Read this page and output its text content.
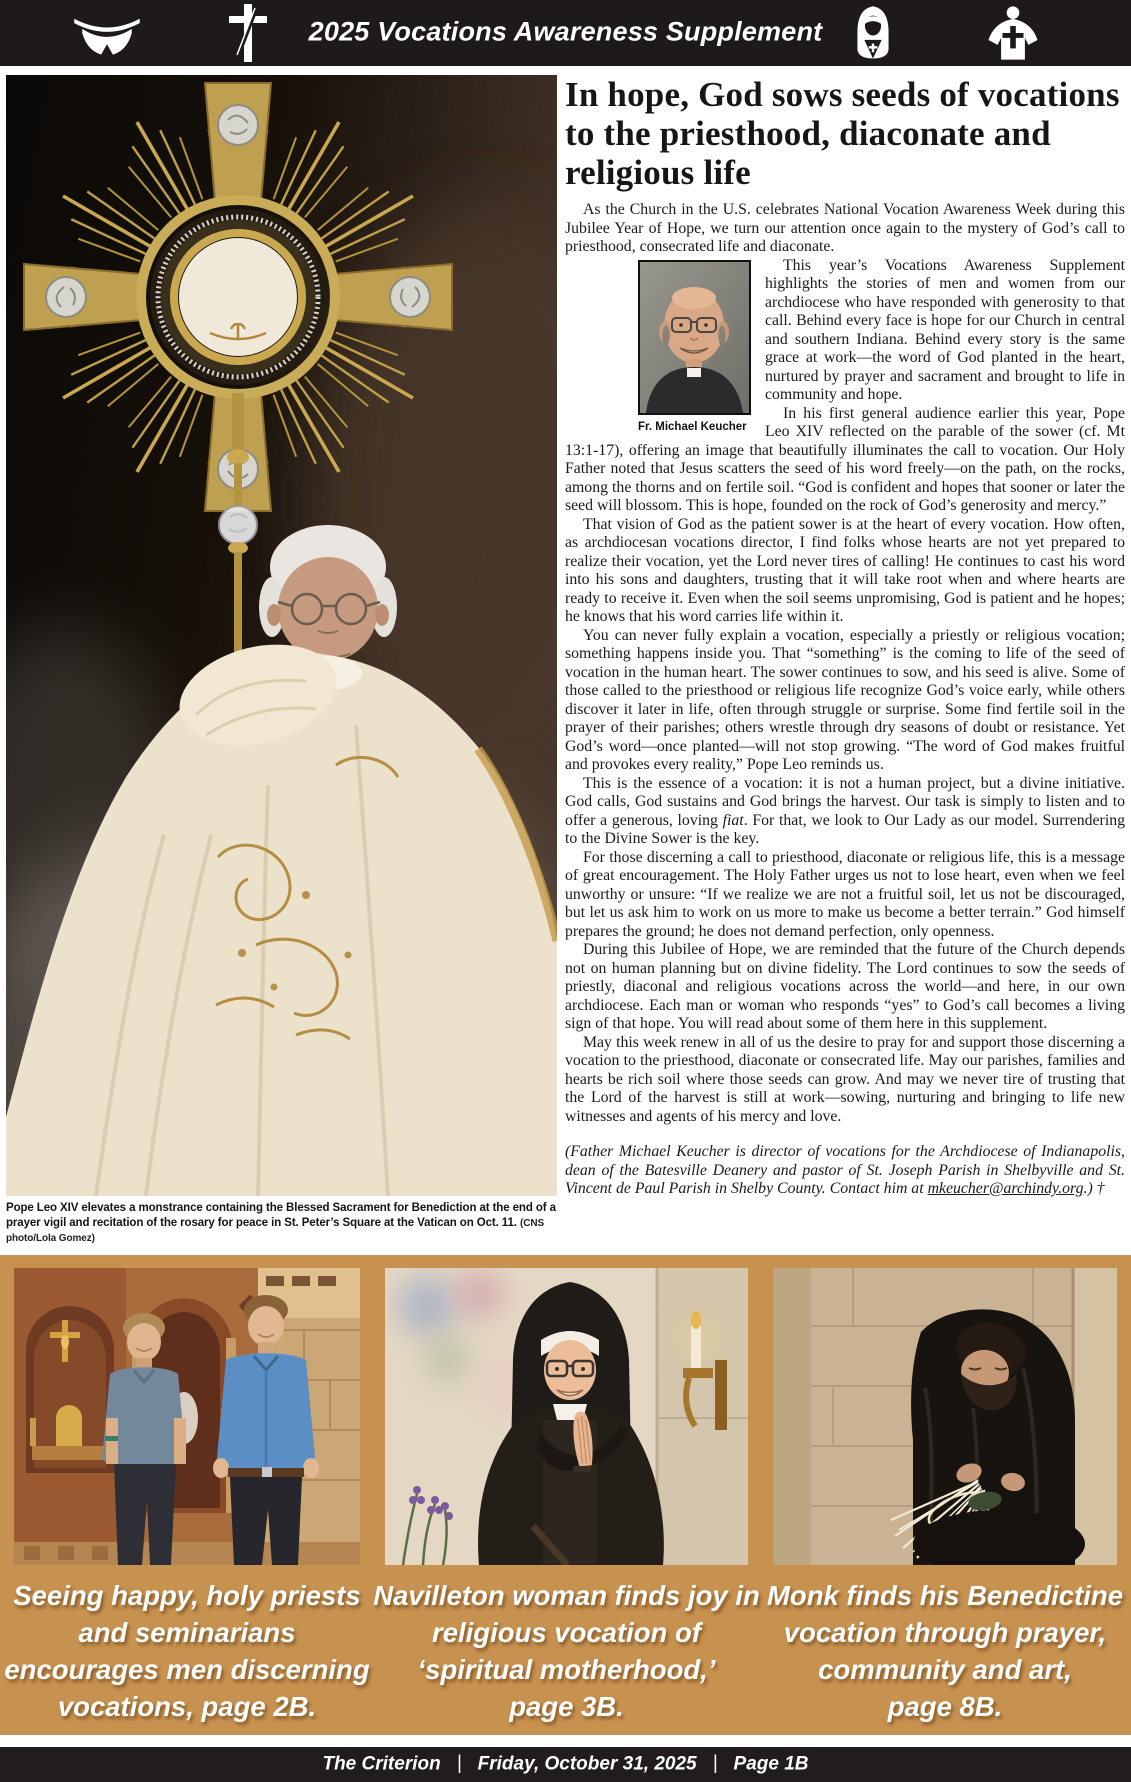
2025 Vocations Awareness Supplement
Pope Leo XIV elevates a monstrance containing the Blessed Sacrament for Benediction at the end of a prayer vigil and recitation of the rosary for peace in St. Peter’s Square at the Vatican on Oct. 11. (CNS photo/Lola Gomez)
In hope, God sows seeds of vocations to the priesthood, diaconate and religious life

As the Church in the U.S. celebrates National Vocation Awareness Week during this Jubilee Year of Hope, we turn our attention once again to the mystery of God’s call to priesthood, consecrated life and diaconate.

Fr. Michael Keucher

This year’s Vocations Awareness Supplement highlights the stories of men and women from our archdiocese who have responded with generosity to that call. Behind every face is hope for our Church in central and southern Indiana. Behind every story is the same grace at work—the word of God planted in the heart, nurtured by prayer and sacrament and brought to life in community and hope.

In his first general audience earlier this year, Pope Leo XIV reflected on the parable of the sower (cf. Mt 13:1-17), offering an image that beautifully illuminates the call to vocation. Our Holy Father noted that Jesus scatters the seed of his word freely—on the path, on the rocks, among the thorns and on fertile soil. “God is confident and hopes that sooner or later the seed will blossom. This is hope, founded on the rock of God’s generosity and mercy.”

That vision of God as the patient sower is at the heart of every vocation. How often, as archdiocesan vocations director, I find folks whose hearts are not yet prepared to realize their vocation, yet the Lord never tires of calling! He continues to cast his word into his sons and daughters, trusting that it will take root when and where hearts are ready to receive it. Even when the soil seems unpromising, God is patient and he hopes; he knows that his word carries life within it.

You can never fully explain a vocation, especially a priestly or religious vocation; something happens inside you. That “something” is the coming to life of the seed of vocation in the human heart. The sower continues to sow, and his seed is alive. Some of those called to the priesthood or religious life recognize God’s voice early, while others discover it later in life, often through struggle or surprise. Some find fertile soil in the prayer of their parishes; others wrestle through dry seasons of doubt or resistance. Yet God’s word—once planted—will not stop growing. “The word of God makes fruitful and provokes every reality,” Pope Leo reminds us.

This is the essence of a vocation: it is not a human project, but a divine initiative. God calls, God sustains and God brings the harvest. Our task is simply to listen and to offer a generous, loving fiat. For that, we look to Our Lady as our model. Surrendering to the Divine Sower is the key.

For those discerning a call to priesthood, diaconate or religious life, this is a message of great encouragement. The Holy Father urges us not to lose heart, even when we feel unworthy or unsure: “If we realize we are not a fruitful soil, let us not be discouraged, but let us ask him to work on us more to make us become a better terrain.” God himself prepares the ground; he does not demand perfection, only openness.

During this Jubilee of Hope, we are reminded that the future of the Church depends not on human planning but on divine fidelity. The Lord continues to sow the seeds of priestly, diaconal and religious vocations across the world—and here, in our own archdiocese. Each man or woman who responds “yes” to God’s call becomes a living sign of that hope. You will read about some of them here in this supplement.

May this week renew in all of us the desire to pray for and support those discerning a vocation to the priesthood, diaconate or consecrated life. May our parishes, families and hearts be rich soil where those seeds can grow. And may we never tire of trusting that the Lord of the harvest is still at work—sowing, nurturing and bringing to life new witnesses and agents of his mercy and love.

(Father Michael Keucher is director of vocations for the Archdiocese of Indianapolis, dean of the Batesville Deanery and pastor of St. Joseph Parish in Shelbyville and St. Vincent de Paul Parish in Shelby County. Contact him at mkeucher@archindy.org.) †

Seeing happy, holy priests
and seminarians
encourages men discerning
vocations, page 2B.
Navilleton woman finds joy in
religious vocation of
‘spiritual motherhood,’
page 3B.
Monk finds his Benedictine
vocation through prayer,
community and art,
page 8B.
The Criterion | Friday, October 31, 2025 | Page 1B
